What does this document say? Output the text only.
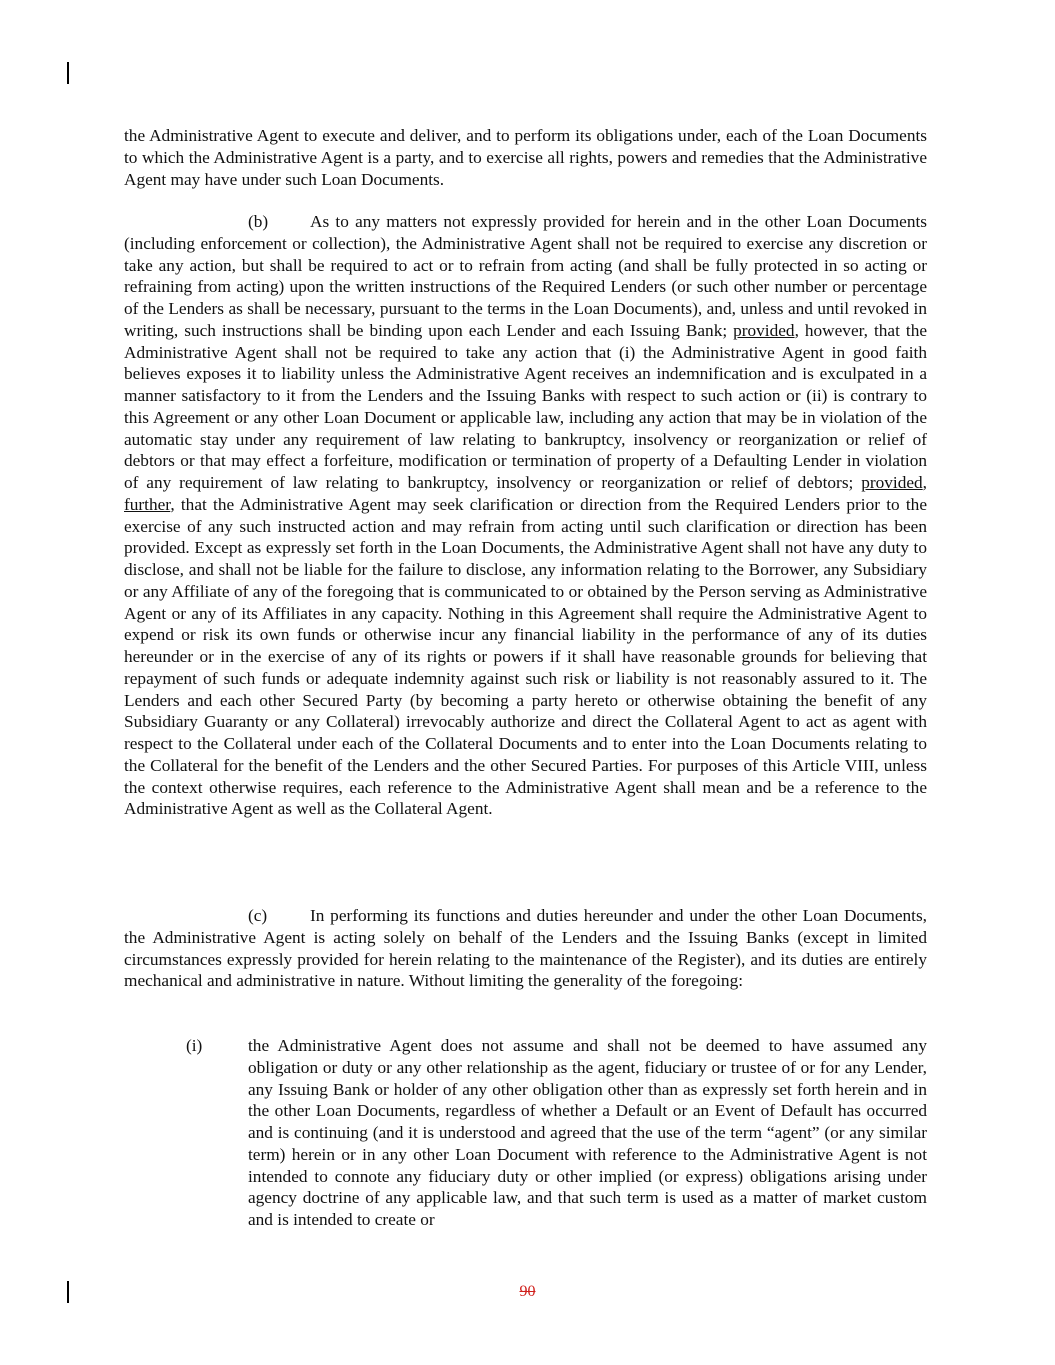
the Administrative Agent to execute and deliver, and to perform its obligations under, each of the Loan Documents to which the Administrative Agent is a party, and to exercise all rights, powers and remedies that the Administrative Agent may have under such Loan Documents.

(b) As to any matters not expressly provided for herein and in the other Loan Documents (including enforcement or collection), the Administrative Agent shall not be required to exercise any discretion or take any action, but shall be required to act or to refrain from acting (and shall be fully protected in so acting or refraining from acting) upon the written instructions of the Required Lenders (or such other number or percentage of the Lenders as shall be necessary, pursuant to the terms in the Loan Documents), and, unless and until revoked in writing, such instructions shall be binding upon each Lender and each Issuing Bank; provided, however, that the Administrative Agent shall not be required to take any action that (i) the Administrative Agent in good faith believes exposes it to liability unless the Administrative Agent receives an indemnification and is exculpated in a manner satisfactory to it from the Lenders and the Issuing Banks with respect to such action or (ii) is contrary to this Agreement or any other Loan Document or applicable law, including any action that may be in violation of the automatic stay under any requirement of law relating to bankruptcy, insolvency or reorganization or relief of debtors or that may effect a forfeiture, modification or termination of property of a Defaulting Lender in violation of any requirement of law relating to bankruptcy, insolvency or reorganization or relief of debtors; provided, further, that the Administrative Agent may seek clarification or direction from the Required Lenders prior to the exercise of any such instructed action and may refrain from acting until such clarification or direction has been provided. Except as expressly set forth in the Loan Documents, the Administrative Agent shall not have any duty to disclose, and shall not be liable for the failure to disclose, any information relating to the Borrower, any Subsidiary or any Affiliate of any of the foregoing that is communicated to or obtained by the Person serving as Administrative Agent or any of its Affiliates in any capacity. Nothing in this Agreement shall require the Administrative Agent to expend or risk its own funds or otherwise incur any financial liability in the performance of any of its duties hereunder or in the exercise of any of its rights or powers if it shall have reasonable grounds for believing that repayment of such funds or adequate indemnity against such risk or liability is not reasonably assured to it. The Lenders and each other Secured Party (by becoming a party hereto or otherwise obtaining the benefit of any Subsidiary Guaranty or any Collateral) irrevocably authorize and direct the Collateral Agent to act as agent with respect to the Collateral under each of the Collateral Documents and to enter into the Loan Documents relating to the Collateral for the benefit of the Lenders and the other Secured Parties. For purposes of this Article VIII, unless the context otherwise requires, each reference to the Administrative Agent shall mean and be a reference to the Administrative Agent as well as the Collateral Agent.

(c) In performing its functions and duties hereunder and under the other Loan Documents, the Administrative Agent is acting solely on behalf of the Lenders and the Issuing Banks (except in limited circumstances expressly provided for herein relating to the maintenance of the Register), and its duties are entirely mechanical and administrative in nature. Without limiting the generality of the foregoing:

(i)	the Administrative Agent does not assume and shall not be deemed to have assumed any obligation or duty or any other relationship as the agent, fiduciary or trustee of or for any Lender, any Issuing Bank or holder of any other obligation other than as expressly set forth herein and in the other Loan Documents, regardless of whether a Default or an Event of Default has occurred and is continuing (and it is understood and agreed that the use of the term “agent” (or any similar term) herein or in any other Loan Document with reference to the Administrative Agent is not intended to connote any fiduciary duty or other implied (or express) obligations arising under agency doctrine of any applicable law, and that such term is used as a matter of market custom and is intended to create or
90
